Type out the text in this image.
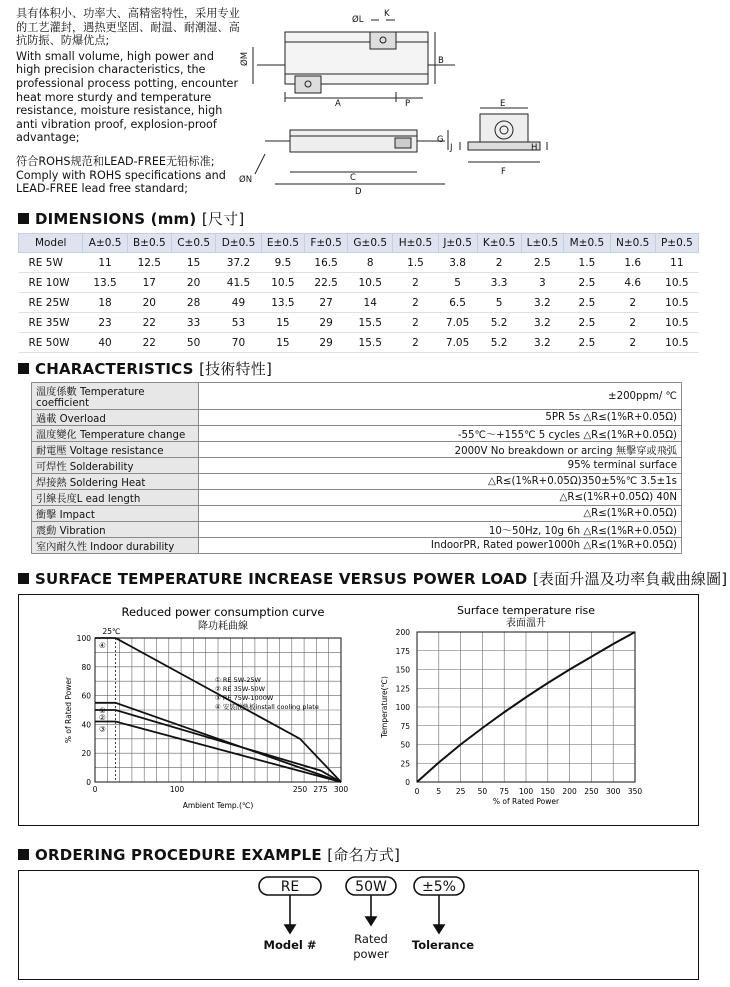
具有体积小、功率大、高精密特性，采用专业的工艺灌封，遇热更坚固、耐温、耐潮湿、高抗防振、防爆优点;

With small volume, high power and high precision characteristics, the professional process potting, encounter heat more sturdy and temperature resistance, moisture resistance, high anti vibration proof, explosion-proof advantage;

符合ROHS规范和LEAD-FREE无铅标准;

Comply with ROHS specifications and LEAD-FREE lead free standard;

ØL
K
ØM	B
A	P	E
G
J	H
F
ØN	C
D
DIMENSIONS (mm) [尺寸]
Model	A±0.5	B±0.5	C±0.5	D±0.5	E±0.5	F±0.5	G±0.5	H±0.5	J±0.5	K±0.5	L±0.5	M±0.5	N±0.5	P±0.5
RE 5W	11	12.5	15	37.2	9.5	16.5	8	1.5	3.8	2	2.5	1.5	1.6	11
RE 10W	13.5	17	20	41.5	10.5	22.5	10.5	2	5	3.3	3	2.5	4.6	10.5
RE 25W	18	20	28	49	13.5	27	14	2	6.5	5	3.2	2.5	2	10.5
RE 35W	23	22	33	53	15	29	15.5	2	7.05	5.2	3.2	2.5	2	10.5
RE 50W	40	22	50	70	15	29	15.5	2	7.05	5.2	3.2	2.5	2	10.5
CHARACTERISTICS [技術特性]
溫度係數 Temperature coefficient	±200ppm/ ℃
過載 Overload	5PR 5s △R≤(1%R+0.05Ω)
溫度變化 Temperature change	-55℃～+155℃ 5 cycles △R≤(1%R+0.05Ω)
耐電壓 Voltage resistance	2000V No breakdown or arcing 無擊穿或飛弧
可焊性 Solderability	95% terminal surface
焊接熱 Soldering Heat	△R≤(1%R+0.05Ω)350±5%℃ 3.5±1s
引線長度L ead length	△R≤(1%R+0.05Ω) 40N
衝擊 Impact	△R≤(1%R+0.05Ω)
震動 Vibration	10～50Hz, 10g 6h △R≤(1%R+0.05Ω)
室內耐久性 Indoor durability	IndoorPR, Rated power1000h △R≤(1%R+0.05Ω)
SURFACE TEMPERATURE INCREASE VERSUS POWER LOAD [表面升溫及功率負載曲線圖]
Reduced power consumption curve
降功耗曲線
0
20
40
60
80
100
0	100	250 275 300
Ambient Temp.(℃)
% of Rated Power
25℃
①
②
③
④
① RE 5W-25W
② RE 35W-50W
③ RE 75W-1000W
④ 安裝散熱板install cooling plate
Surface temperature rise
表面溫升
0
25
50
75
100
125
150
175
200
0 5 25 50 75 100 150 200 250 300 350
% of Rated Power
Temperature(℃)
ORDERING PROCEDURE EXAMPLE [命名方式]
RE	50W	±5%
Model #	Rated power
Tolerance
